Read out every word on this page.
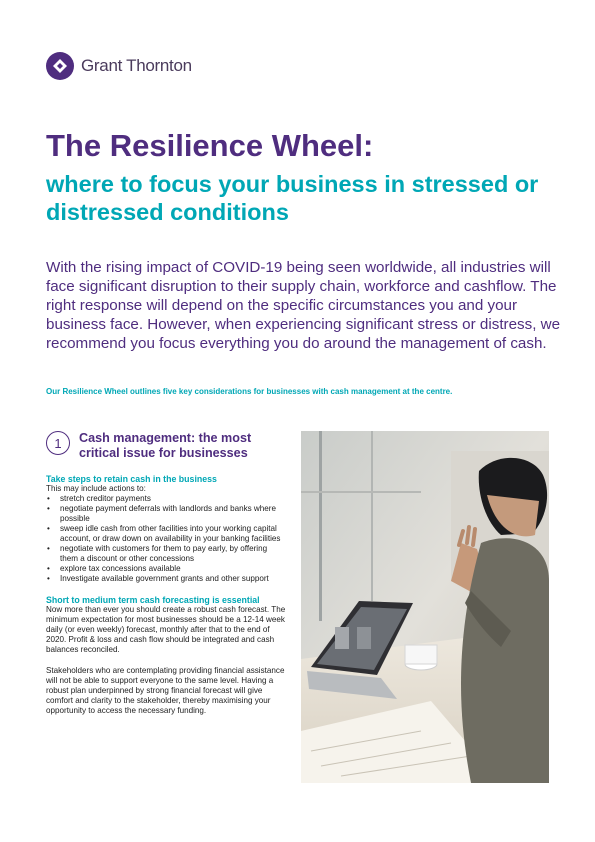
Grant Thornton
The Resilience Wheel:
where to focus your business in stressed or distressed conditions

With the rising impact of COVID-19 being seen worldwide, all industries will face significant disruption to their supply chain, workforce and cashflow. The right response will depend on the specific circumstances you and your business face. However, when experiencing significant stress or distress, we recommend you focus everything you do around the management of cash.

Our Resilience Wheel outlines five key considerations for businesses with cash management at the centre.

1	Cash management: the most critical issue for businesses
Take steps to retain cash in the business

This may include actions to:

• stretch creditor payments
• negotiate payment deferrals with landlords and banks where possible
• sweep idle cash from other facilities into your working capital account, or draw down on availability in your banking facilities
• negotiate with customers for them to pay early, by offering them a discount or other concessions
• explore tax concessions available
• Investigate available government grants and other support
Short to medium term cash forecasting is essential

Now more than ever you should create a robust cash forecast. The minimum expectation for most businesses should be a 12-14 week daily (or even weekly) forecast, monthly after that to the end of 2020. Profit & loss and cash flow should be integrated and cash balances reconciled.

Stakeholders who are contemplating providing financial assistance will not be able to support everyone to the same level. Having a robust plan underpinned by strong financial forecast will give comfort and clarity to the stakeholder, thereby maximising your opportunity to access the necessary funding.
